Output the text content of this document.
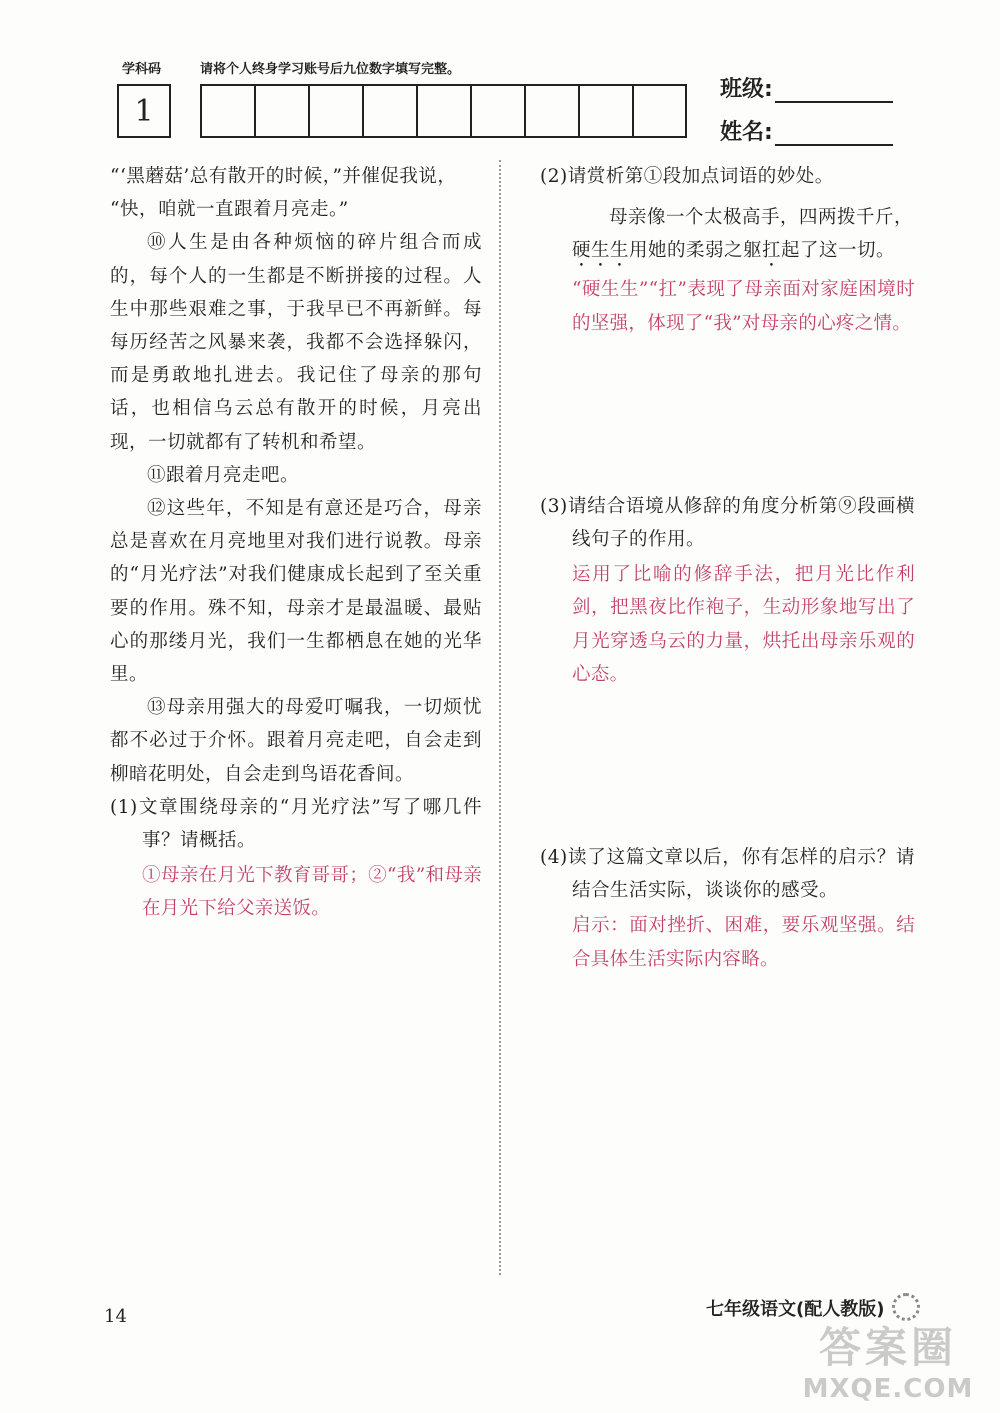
学科码	请将个人终身学习账号后九位数字填写完整。
1
班级:
姓名:

“‘黑蘑菇’总有散开的时候，”并催促我说，

“快，咱就一直跟着月亮走。”

⑩人生是由各种烦恼的碎片组合而成的，每个人的一生都是不断拼接的过程。人生中那些艰难之事，于我早已不再新鲜。每每历经苦之风暴来袭，我都不会选择躲闪，而是勇敢地扎进去。我记住了母亲的那句话，也相信乌云总有散开的时候，月亮出现，一切就都有了转机和希望。

⑪跟着月亮走吧。

⑫这些年，不知是有意还是巧合，母亲总是喜欢在月亮地里对我们进行说教。母亲的“月光疗法”对我们健康成长起到了至关重要的作用。殊不知，母亲才是最温暖、最贴心的那缕月光，我们一生都栖息在她的光华里。

⑬母亲用强大的母爱叮嘱我，一切烦忧都不必过于介怀。跟着月亮走吧，自会走到柳暗花明处，自会走到鸟语花香间。

(1)文章围绕母亲的“月光疗法”写了哪几件事？请概括。

①母亲在月光下教育哥哥；②“我”和母亲在月光下给父亲送饭。

(2)请赏析第①段加点词语的妙处。

母亲像一个太极高手，四两拨千斤，

硬生生用她的柔弱之躯扛起了这一切。

“硬生生”“扛”表现了母亲面对家庭困境时的坚强，体现了“我”对母亲的心疼之情。

(3)请结合语境从修辞的角度分析第⑨段画横线句子的作用。

运用了比喻的修辞手法，把月光比作利剑，把黑夜比作袍子，生动形象地写出了月光穿透乌云的力量，烘托出母亲乐观的心态。

(4)读了这篇文章以后，你有怎样的启示？请结合生活实际，谈谈你的感受。

启示：面对挫折、困难，要乐观坚强。结合具体生活实际内容略。

14	七年级语文(配人教版)
答案圈
MXQE.COM
